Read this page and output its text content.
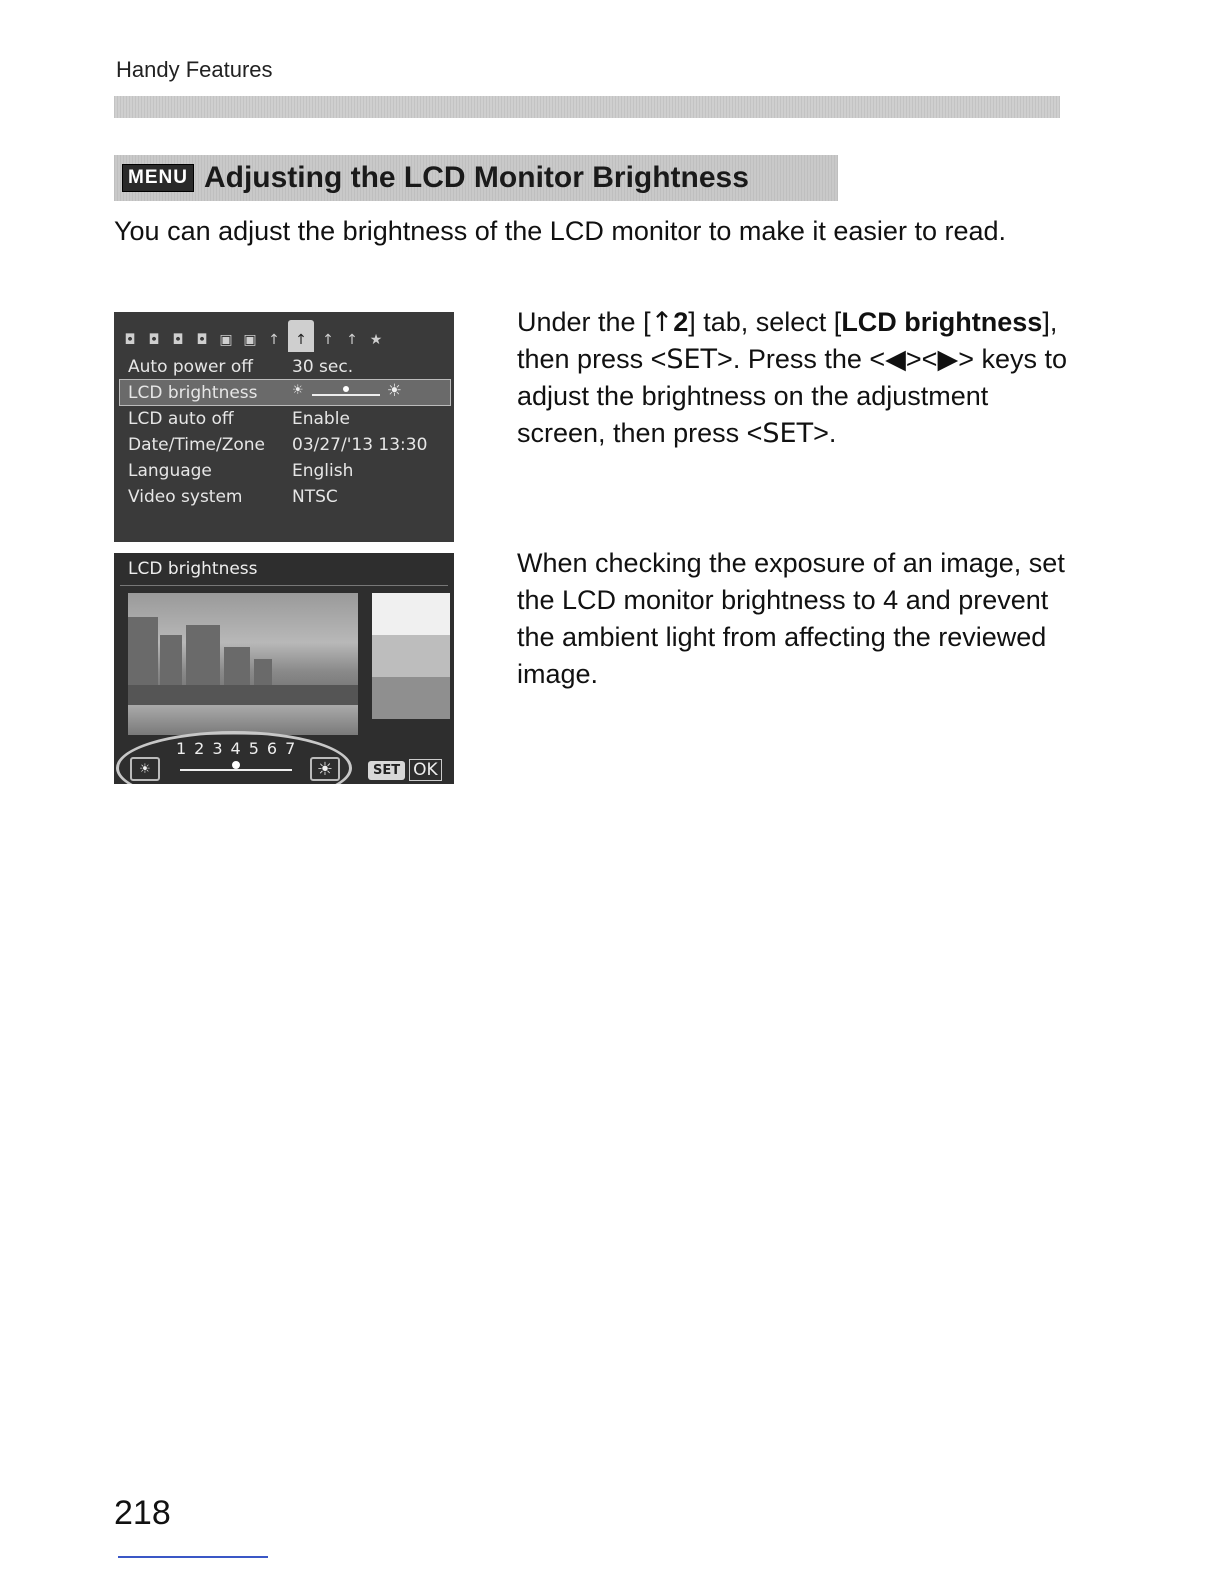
Handy Features
MENU Adjusting the LCD Monitor Brightness
You can adjust the brightness of the LCD monitor to make it easier to read.
◘ ◘ ◘ ◘ ▣ ▣ ↑	↑	↑ ↑ ★
Auto power off	30 sec.
LCD brightness	☀	☀
LCD auto off	Enable
Date/Time/Zone	03/27/'13 13:30
Language	English
Video system	NTSC
LCD brightness
1234567
☀	☀	SET OK
Under the [↑2] tab, select [LCD brightness], then press <SET>. Press the <◀><▶> keys to adjust the brightness on the adjustment screen, then press <SET>.
When checking the exposure of an image, set the LCD monitor brightness to 4 and prevent the ambient light from affecting the reviewed image.
218
